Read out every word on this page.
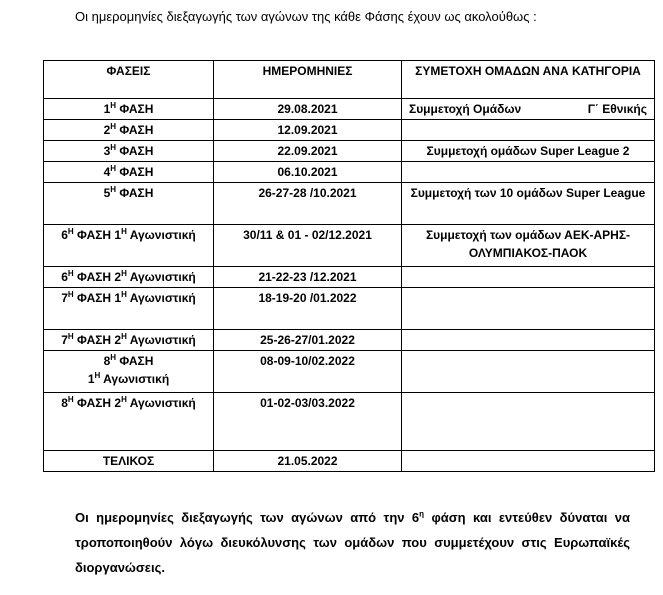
Οι ημερομηνίες διεξαγωγής των αγώνων της κάθε Φάσης έχουν ως ακολούθως :
ΦΑΣΕΙΣ	ΗΜΕΡΟΜΗΝΙΕΣ	ΣΥΜΕΤΟΧΗ ΟΜΑΔΩΝ ΑΝΑ ΚΑΤΗΓΟΡΙΑ
$1^H$ ΦΑΣΗ	29.08.2021	Συμμετοχή Ομάδων Γ΄ Εθνικής

$2^H$ ΦΑΣΗ	12.09.2021	
$3^H$ ΦΑΣΗ	22.09.2021	Συμμετοχή ομάδων Super League 2
$4^H$ ΦΑΣΗ	06.10.2021	
$5^H$ ΦΑΣΗ	26-27-28 /10.2021	Συμμετοχή των 10 ομάδων Super League
$6^H$ ΦΑΣΗ $1^H$ Αγωνιστική	30/11 & 01 - 02/12.2021	Συμμετοχή των ομάδων ΑΕΚ-ΑΡΗΣ-ΟΛΥΜΠΙΑΚΟΣ-ΠΑΟΚ
$6^H$ ΦΑΣΗ $2^H$ Αγωνιστική	21-22-23 /12.2021	
$7^H$ ΦΑΣΗ $1^H$ Αγωνιστική	18-19-20 /01.2022	
$7^H$ ΦΑΣΗ $2^H$ Αγωνιστική	25-26-27/01.2022	
$8^H$ ΦΑΣΗ
$1^H$ Αγωνιστική	08-09-10/02.2022	
$8^H$ ΦΑΣΗ $2^H$ Αγωνιστική	01-02-03/03.2022	
ΤΕΛΙΚΟΣ	21.05.2022	

Οι ημερομηνίες διεξαγωγής των αγώνων από την $6^\eta$ φάση και εντεύθεν δύναται να τροποποιηθούν λόγω διευκόλυνσης των ομάδων που συμμετέχουν στις Ευρωπαϊκές διοργανώσεις.
